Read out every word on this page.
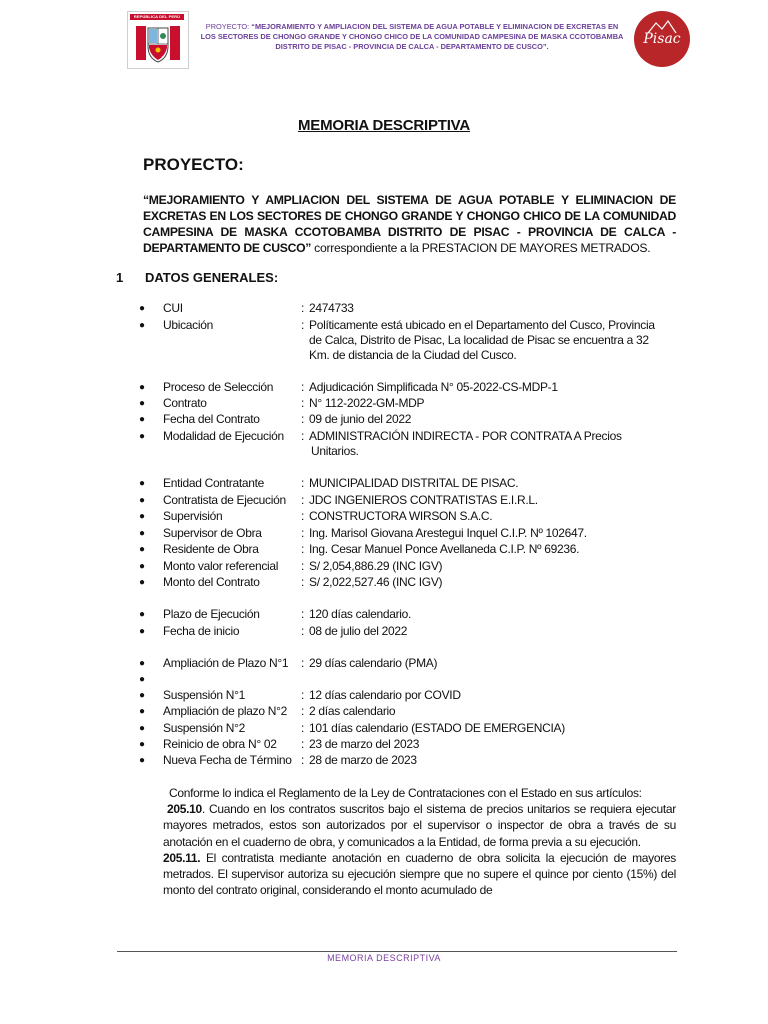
REPÚBLICA DEL PERÚ
PROYECTO: “MEJORAMIENTO Y AMPLIACION DEL SISTEMA DE AGUA POTABLE Y ELIMINACION DE EXCRETAS EN LOS SECTORES DE CHONGO GRANDE Y CHONGO CHICO DE LA COMUNIDAD CAMPESINA DE MASKA CCOTOBAMBA DISTRITO DE PISAC - PROVINCIA DE CALCA - DEPARTAMENTO DE CUSCO”.	Pisac
MEMORIA DESCRIPTIVA
PROYECTO:
“MEJORAMIENTO Y AMPLIACION DEL SISTEMA DE AGUA POTABLE Y ELIMINACION DE EXCRETAS EN LOS SECTORES DE CHONGO GRANDE Y CHONGO CHICO DE LA COMUNIDAD CAMPESINA DE MASKA CCOTOBAMBA DISTRITO DE PISAC - PROVINCIA DE CALCA - DEPARTAMENTO DE CUSCO” correspondiente a la PRESTACION DE MAYORES METRADOS.
1 DATOS GENERALES:
● CUI	: 2474733
● Ubicación	: Políticamente está ubicado en el Departamento del Cusco, Provincia
de Calca, Distrito de Pisac, La localidad de Pisac se encuentra a 32
Km. de distancia de la Ciudad del Cusco.
● Proceso de Selección : Adjudicación Simplificada N° 05-2022-CS-MDP-1
● Contrato	: N° 112-2022-GM-MDP
● Fecha del Contrato	: 09 de junio del 2022
● Modalidad de Ejecución : ADMINISTRACIÓN INDIRECTA - POR CONTRATA A Precios
Unitarios.
● Entidad Contratante	: MUNICIPALIDAD DISTRITAL DE PISAC.
● Contratista de Ejecución : JDC INGENIEROS CONTRATISTAS E.I.R.L.
● Supervisión	: CONSTRUCTORA WIRSON S.A.C.
● Supervisor de Obra	: Ing. Marisol Giovana Arestegui Inquel C.I.P. Nº 102647.
● Residente de Obra	: Ing. Cesar Manuel Ponce Avellaneda C.I.P. Nº 69236.
● Monto valor referencial : S/ 2,054,886.29 (INC IGV)
● Monto del Contrato	: S/ 2,022,527.46 (INC IGV)
● Plazo de Ejecución	: 120 días calendario.
● Fecha de inicio	: 08 de julio del 2022
● Ampliación de Plazo N°1 : 29 días calendario (PMA)
●
● Suspensión N°1	: 12 días calendario por COVID
● Ampliación de plazo N°2 : 2 días calendario
● Suspensión N°2	: 101 días calendario (ESTADO DE EMERGENCIA)
● Reinicio de obra N° 02 : 23 de marzo del 2023
● Nueva Fecha de Término : 28 de marzo de 2023

Conforme lo indica el Reglamento de la Ley de Contrataciones con el Estado en sus artículos:

205.10. Cuando en los contratos suscritos bajo el sistema de precios unitarios se requiera ejecutar mayores metrados, estos son autorizados por el supervisor o inspector de obra a través de su anotación en el cuaderno de obra, y comunicados a la Entidad, de forma previa a su ejecución.

205.11. El contratista mediante anotación en cuaderno de obra solicita la ejecución de mayores metrados. El supervisor autoriza su ejecución siempre que no supere el quince por ciento (15%) del monto del contrato original, considerando el monto acumulado de

MEMORIA DESCRIPTIVA
